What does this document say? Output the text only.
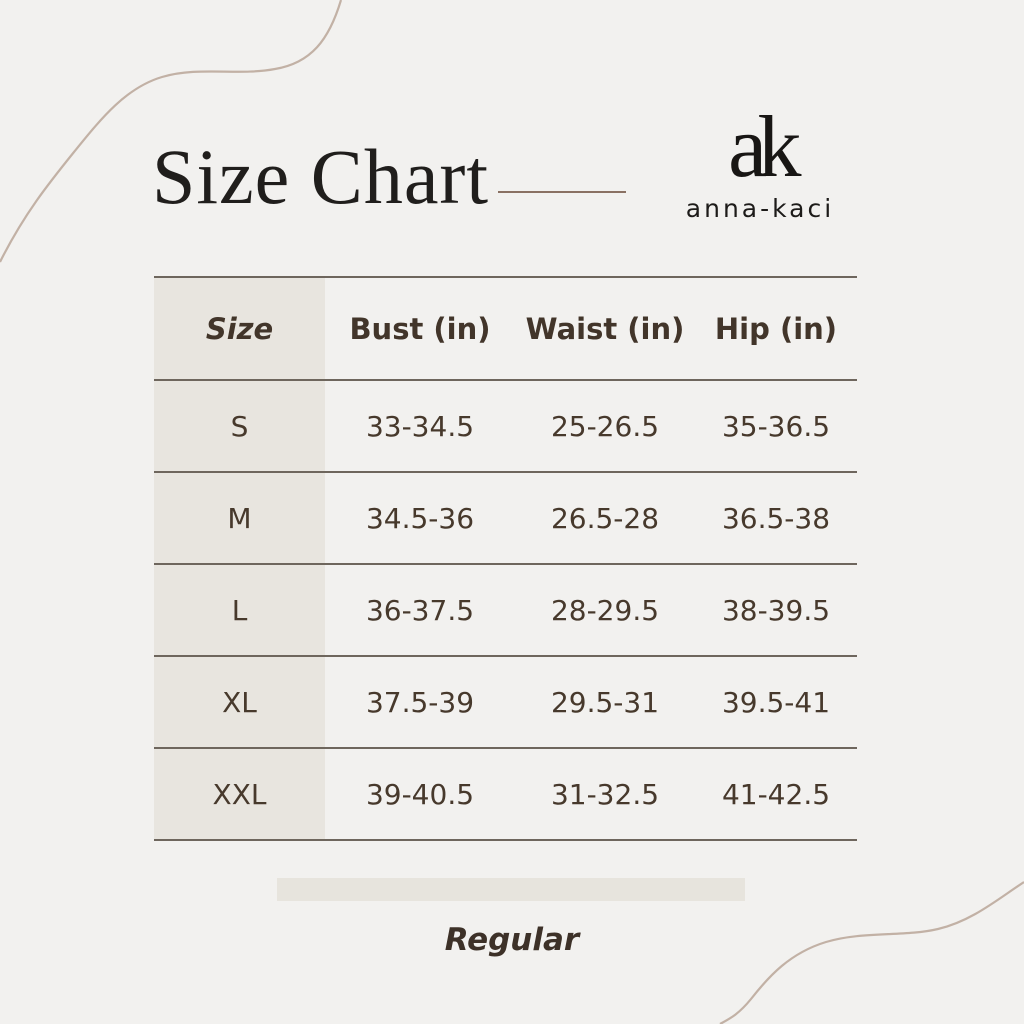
Size Chart	ak
anna-kaci
Size	Bust (in)	Waist (in)	Hip (in)
S	33-34.5	25-26.5	35-36.5
M	34.5-36	26.5-28	36.5-38
L	36-37.5	28-29.5	38-39.5
XL	37.5-39	29.5-31	39.5-41
XXL	39-40.5	31-32.5	41-42.5
Regular
